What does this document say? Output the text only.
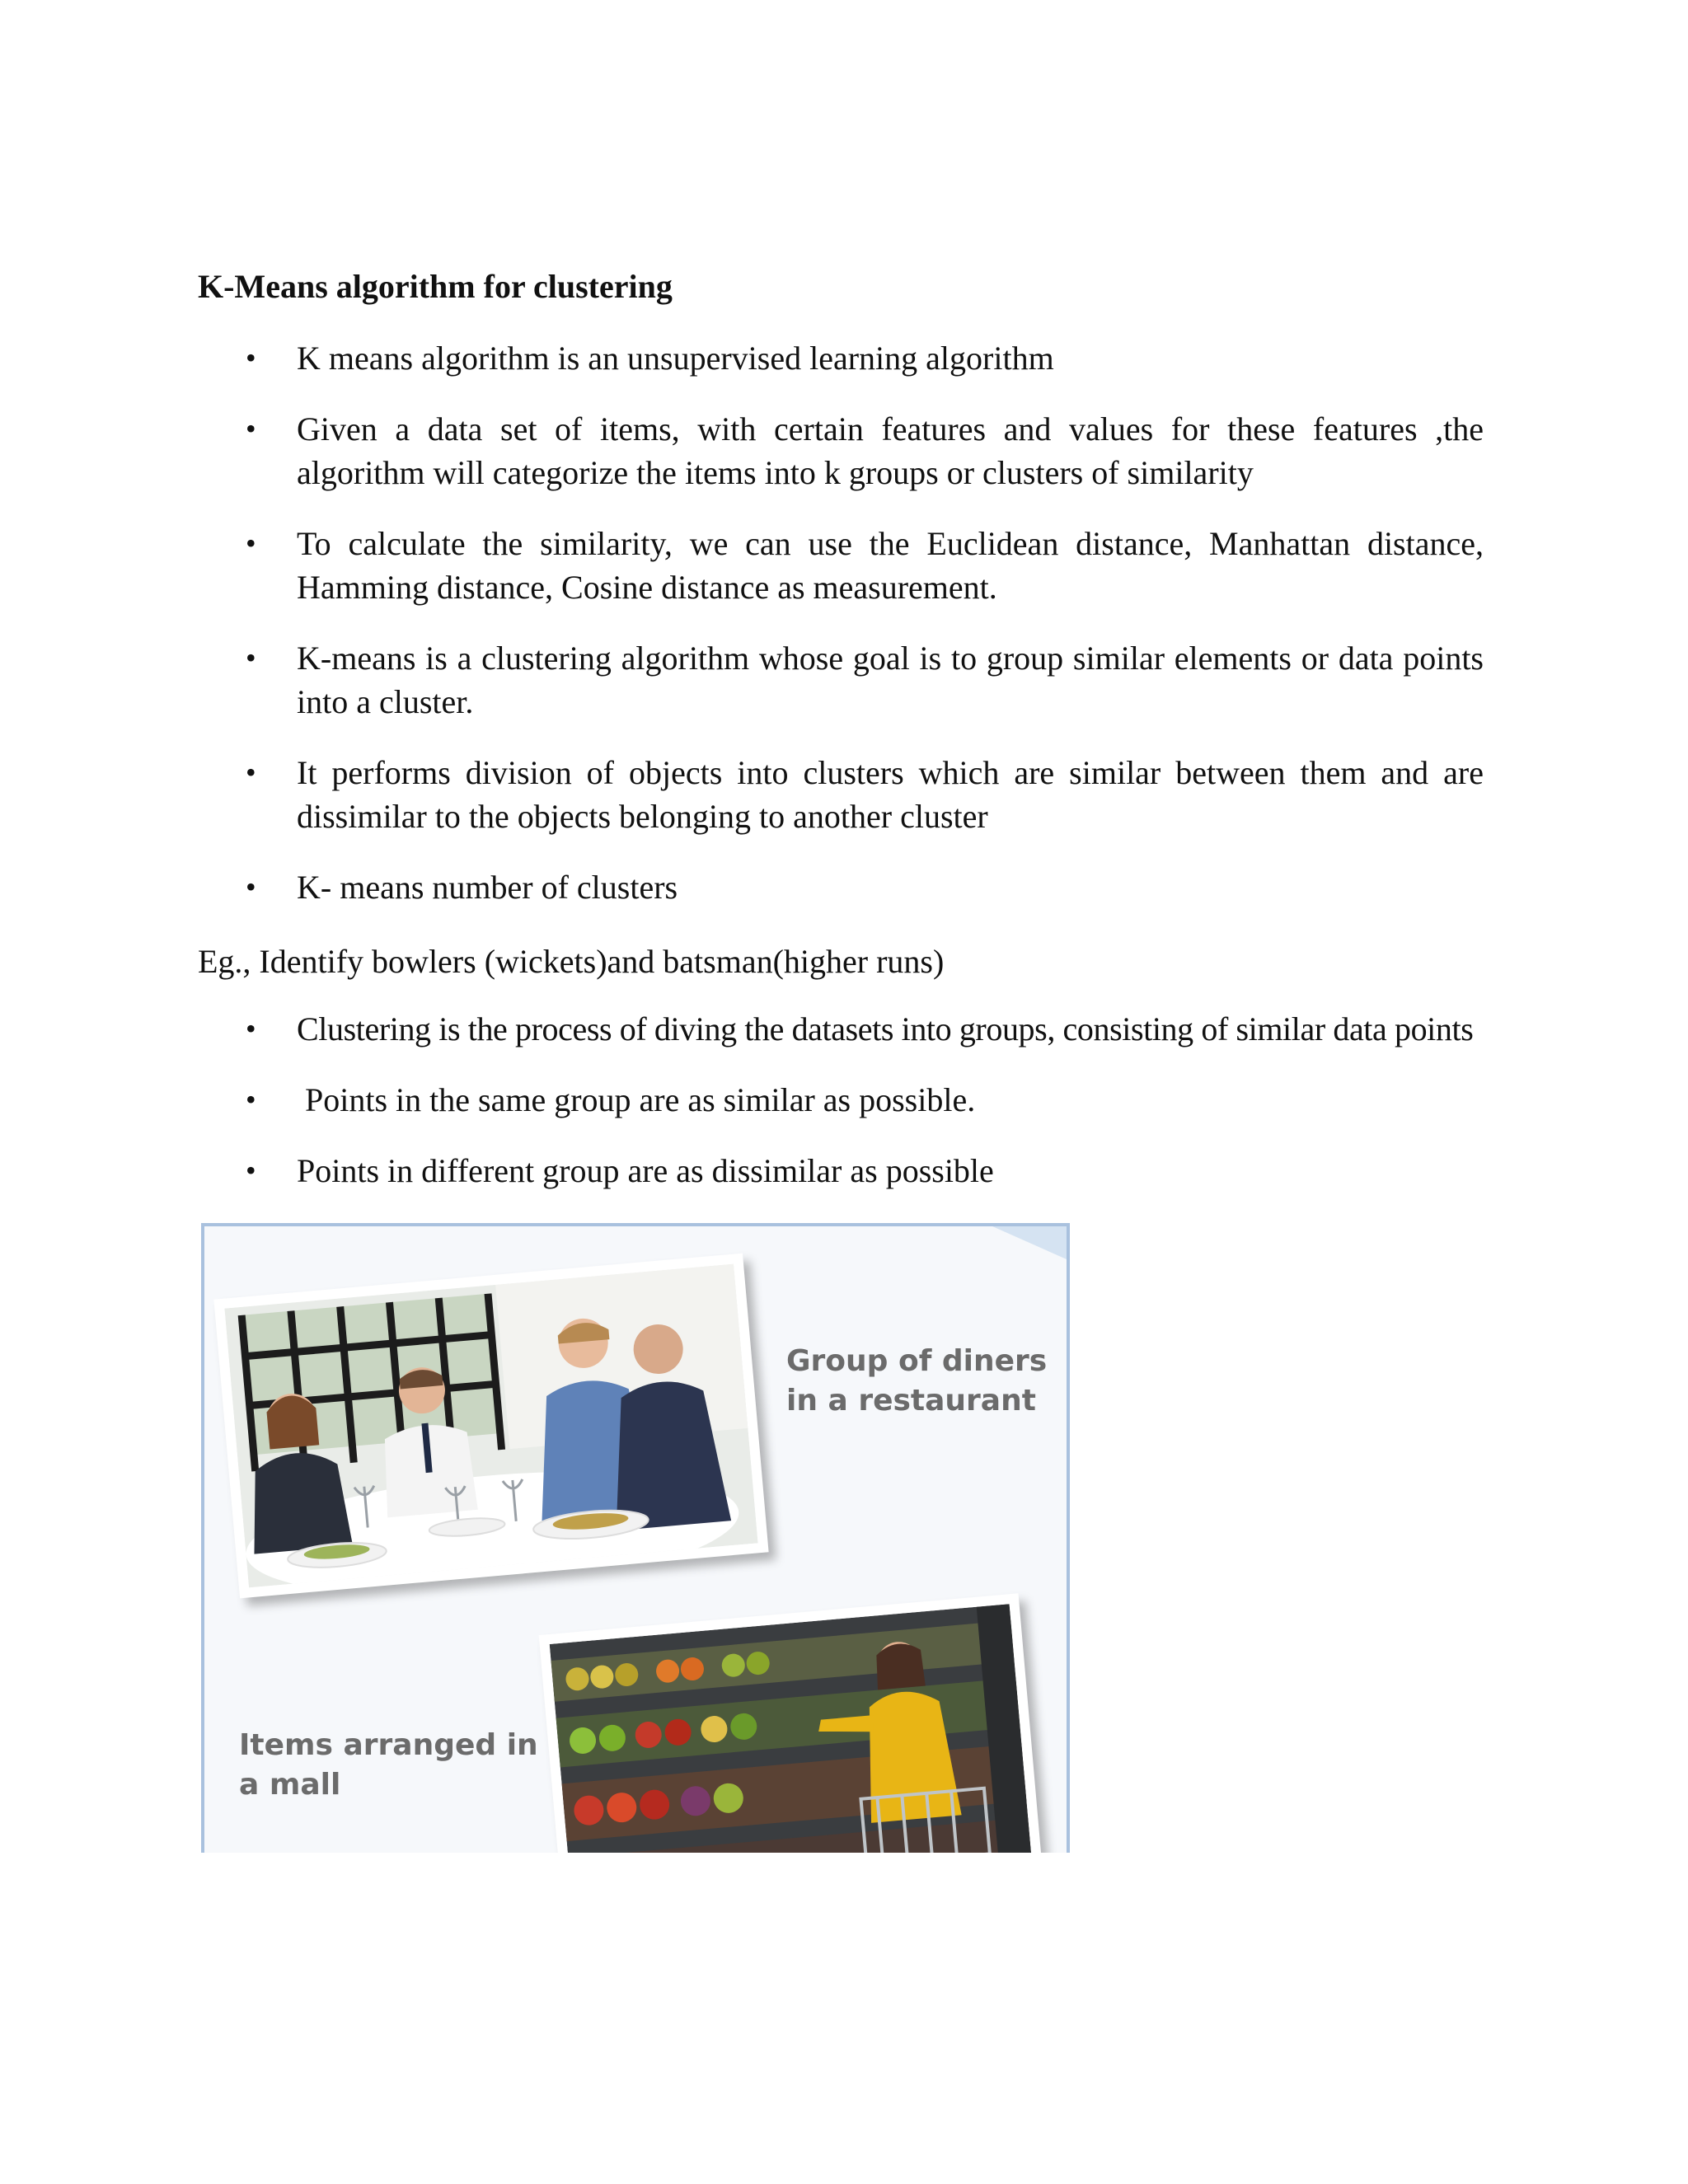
K-Means algorithm for clustering
• K means algorithm is an unsupervised learning algorithm
• Given a data set of items, with certain features and values for these features ,the algorithm will categorize the items into k groups or clusters of similarity
• To calculate the similarity, we can use the Euclidean distance, Manhattan distance, Hamming distance, Cosine distance as measurement.
• K-means is a clustering algorithm whose goal is to group similar elements or data points into a cluster.
• It performs division of objects into clusters which are similar between them and are dissimilar to the objects belonging to another cluster
• K- means number of clusters
Eg., Identify bowlers (wickets)and batsman(higher runs)
• Clustering is the process of diving the datasets into groups, consisting of similar data points
• Points in the same group are as similar as possible.
• Points in different group are as dissimilar as possible
Group of diners
in a restaurant
Items arranged in
a mall
